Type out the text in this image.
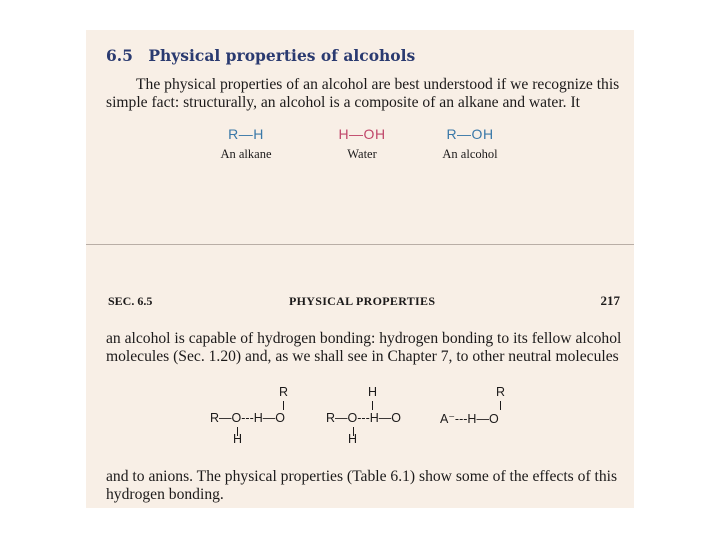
6.5 Physical properties of alcohols
The physical properties of an alcohol are best understood if we recognize this
simple fact: structurally, an alcohol is a composite of an alkane and water. It
R—H
An alkane
H—OH
Water
R—OH
An alcohol
SEC. 6.5	PHYSICAL PROPERTIES	217
an alcohol is capable of hydrogen bonding: hydrogen bonding to its fellow alcohol
molecules (Sec. 1.20) and, as we shall see in Chapter 7, to other neutral molecules
R
R—O---H—O
H
H
R—O---H—O
H
R
A⁻---H—O
and to anions. The physical properties (Table 6.1) show some of the effects of this
hydrogen bonding.
